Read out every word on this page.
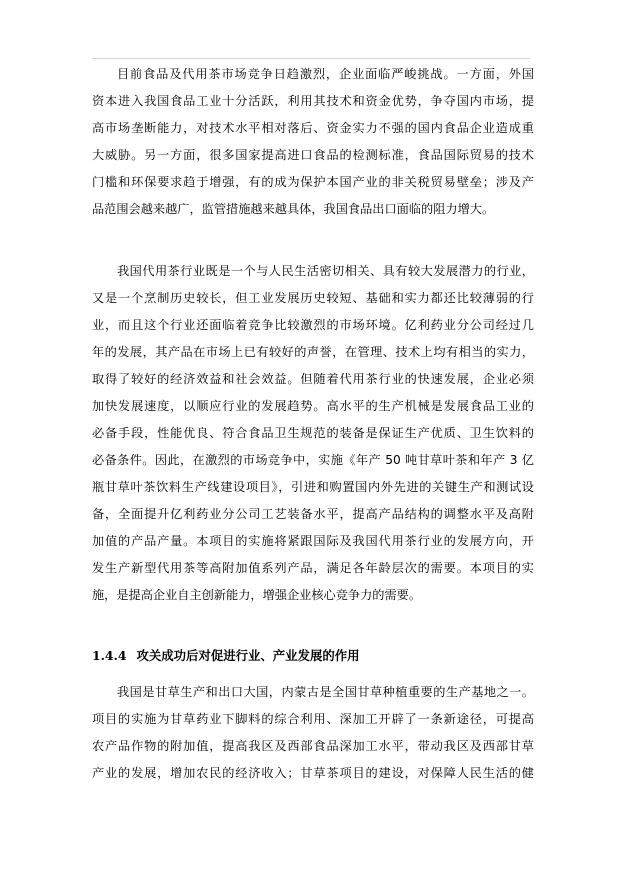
目前食品及代用茶市场竞争日趋激烈，企业面临严峻挑战。一方面，外国
资本进入我国食品工业十分活跃，利用其技术和资金优势，争夺国内市场，提
高市场垄断能力，对技术水平相对落后、资金实力不强的国内食品企业造成重
大威胁。另一方面，很多国家提高进口食品的检测标准，食品国际贸易的技术
门槛和环保要求趋于增强，有的成为保护本国产业的非关税贸易壁垒；涉及产
品范围会越来越广，监管措施越来越具体，我国食品出口面临的阻力增大。
我国代用茶行业既是一个与人民生活密切相关、具有较大发展潜力的行业，
又是一个烹制历史较长，但工业发展历史较短、基础和实力都还比较薄弱的行
业，而且这个行业还面临着竞争比较激烈的市场环境。亿利药业分公司经过几
年的发展，其产品在市场上已有较好的声誉，在管理、技术上均有相当的实力，
取得了较好的经济效益和社会效益。但随着代用茶行业的快速发展，企业必须
加快发展速度，以顺应行业的发展趋势。高水平的生产机械是发展食品工业的
必备手段，性能优良、符合食品卫生规范的装备是保证生产优质、卫生饮料的
必备条件。因此，在激烈的市场竞争中，实施《年产 50 吨甘草叶茶和年产 3 亿
瓶甘草叶茶饮料生产线建设项目》，引进和购置国内外先进的关键生产和测试设
备，全面提升亿利药业分公司工艺装备水平，提高产品结构的调整水平及高附
加值的产品产量。本项目的实施将紧跟国际及我国代用茶行业的发展方向，开
发生产新型代用茶等高附加值系列产品，满足各年龄层次的需要。本项目的实
施，是提高企业自主创新能力，增强企业核心竞争力的需要。
1.4.4 攻关成功后对促进行业、产业发展的作用
我国是甘草生产和出口大国，内蒙古是全国甘草种植重要的生产基地之一。
项目的实施为甘草药业下脚料的综合利用、深加工开辟了一条新途径，可提高
农产品作物的附加值，提高我区及西部食品深加工水平，带动我区及西部甘草
产业的发展，增加农民的经济收入；甘草茶项目的建设，对保障人民生活的健
